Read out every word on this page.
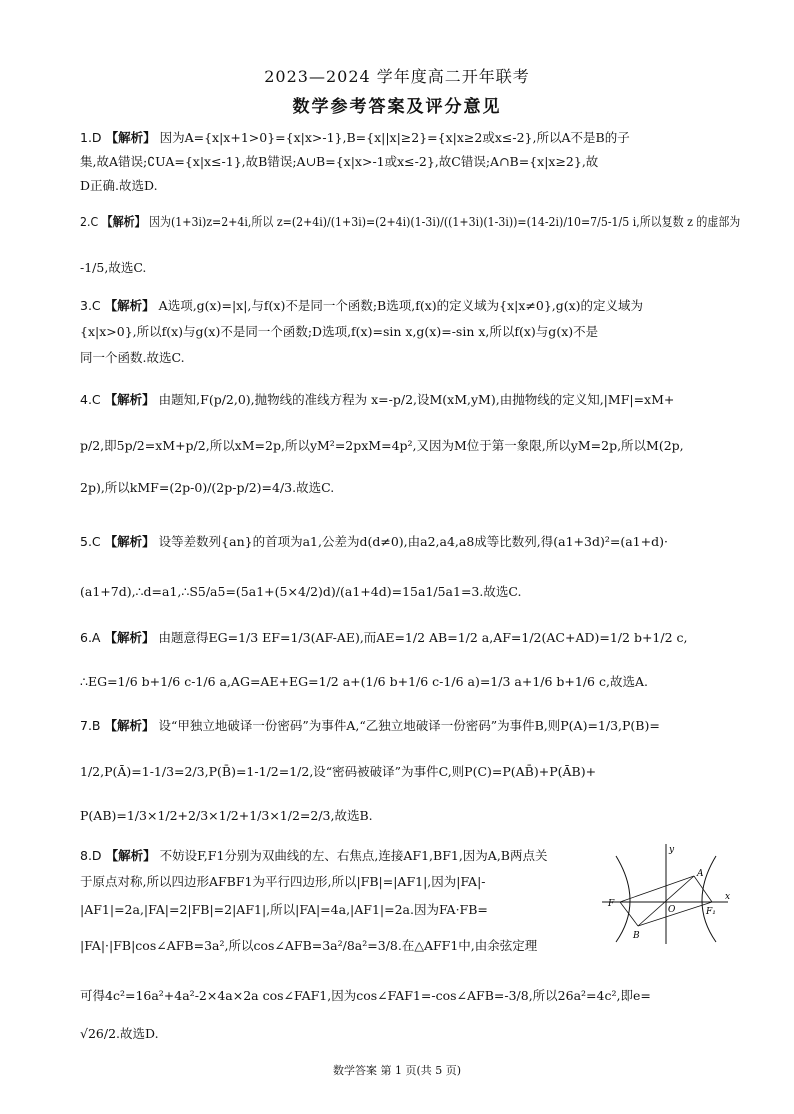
2023—2024 学年度高二开年联考
数学参考答案及评分意见
1.D 【解析】 因为A={x|x+1>0}={x|x>-1},B={x||x|≥2}={x|x≥2或x≤-2},所以A不是B的子
集,故A错误;∁UA={x|x≤-1},故B错误;A∪B={x|x>-1或x≤-2},故C错误;A∩B={x|x≥2},故
D正确.故选D.
2.C 【解析】 因为(1+3i)z=2+4i,所以 z=(2+4i)/(1+3i)=(2+4i)(1-3i)/((1+3i)(1-3i))=(14-2i)/10=7/5-1/5 i,所以复数 z 的虚部为
-1/5,故选C.
3.C 【解析】 A选项,g(x)=|x|,与f(x)不是同一个函数;B选项,f(x)的定义域为{x|x≠0},g(x)的定义域为
{x|x>0},所以f(x)与g(x)不是同一个函数;D选项,f(x)=sin x,g(x)=-sin x,所以f(x)与g(x)不是
同一个函数.故选C.
4.C 【解析】 由题知,F(p/2,0),抛物线的准线方程为 x=-p/2,设M(xM,yM),由抛物线的定义知,|MF|=xM+
p/2,即5p/2=xM+p/2,所以xM=2p,所以yM²=2pxM=4p²,又因为M位于第一象限,所以yM=2p,所以M(2p,
2p),所以kMF=(2p-0)/(2p-p/2)=4/3.故选C.
5.C 【解析】 设等差数列{an}的首项为a1,公差为d(d≠0),由a2,a4,a8成等比数列,得(a1+3d)²=(a1+d)·
(a1+7d),∴d=a1,∴S5/a5=(5a1+(5×4/2)d)/(a1+4d)=15a1/5a1=3.故选C.
6.A 【解析】 由题意得EG=1/3 EF=1/3(AF-AE),而AE=1/2 AB=1/2 a,AF=1/2(AC+AD)=1/2 b+1/2 c,
∴EG=1/6 b+1/6 c-1/6 a,AG=AE+EG=1/2 a+(1/6 b+1/6 c-1/6 a)=1/3 a+1/6 b+1/6 c,故选A.
7.B 【解析】 设“甲独立地破译一份密码”为事件A,“乙独立地破译一份密码”为事件B,则P(A)=1/3,P(B)=
1/2,P(Ā)=1-1/3=2/3,P(B̄)=1-1/2=1/2,设“密码被破译”为事件C,则P(C)=P(AB̄)+P(ĀB)+
P(AB)=1/3×1/2+2/3×1/2+1/3×1/2=2/3,故选B.
8.D 【解析】 不妨设F,F1分别为双曲线的左、右焦点,连接AF1,BF1,因为A,B两点关
于原点对称,所以四边形AFBF1为平行四边形,所以|FB|=|AF1|,因为|FA|-
|AF1|=2a,|FA|=2|FB|=2|AF1|,所以|FA|=4a,|AF1|=2a.因为FA·FB=
|FA|·|FB|cos∠AFB=3a²,所以cos∠AFB=3a²/8a²=3/8.在△AFF1中,由余弦定理
可得4c²=16a²+4a²-2×4a×2a cos∠FAF1,因为cos∠FAF1=-cos∠AFB=-3/8,所以26a²=4c²,即e=
√26/2.故选D.
y
x
A
B
F
F₁
O
数学答案 第 1 页(共 5 页)
